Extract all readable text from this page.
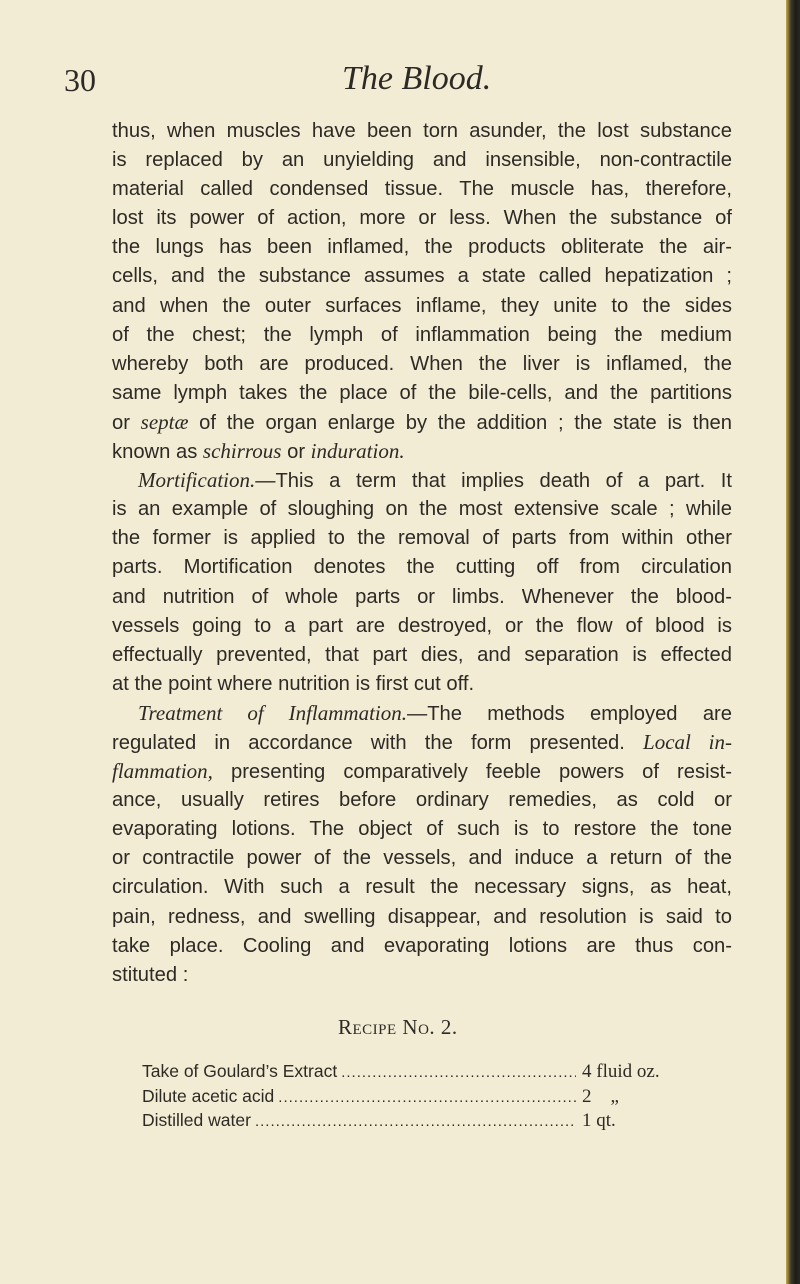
30	The Blood.
thus, when muscles have been torn asunder, the lost substance
is replaced by an unyielding and insensible, non-contractile
material called condensed tissue. The muscle has, therefore,
lost its power of action, more or less. When the substance of
the lungs has been inflamed, the products obliterate the air-
cells, and the substance assumes a state called hepatization ;
and when the outer surfaces inflame, they unite to the sides
of the chest; the lymph of inflammation being the medium
whereby both are produced. When the liver is inflamed, the
same lymph takes the place of the bile-cells, and the partitions
or septæ of the organ enlarge by the addition ; the state is then
known as schirrous or induration.
Mortification.—This a term that implies death of a part. It
is an example of sloughing on the most extensive scale ; while
the former is applied to the removal of parts from within other
parts. Mortification denotes the cutting off from circulation
and nutrition of whole parts or limbs. Whenever the blood-
vessels going to a part are destroyed, or the flow of blood is
effectually prevented, that part dies, and separation is effected
at the point where nutrition is first cut off.
Treatment of Inflammation.—The methods employed are
regulated in accordance with the form presented. Local in-
flammation, presenting comparatively feeble powers of resist-
ance, usually retires before ordinary remedies, as cold or
evaporating lotions. The object of such is to restore the tone
or contractile power of the vessels, and induce a return of the
circulation. With such a result the necessary signs, as heat,
pain, redness, and swelling disappear, and resolution is said to
take place. Cooling and evaporating lotions are thus con-
stituted :
Recipe No. 2.
Take of Goulard’s Extract .....	4 fluid oz.
Dilute acetic acid .....	2    „
Distilled water .....	1 qt.
